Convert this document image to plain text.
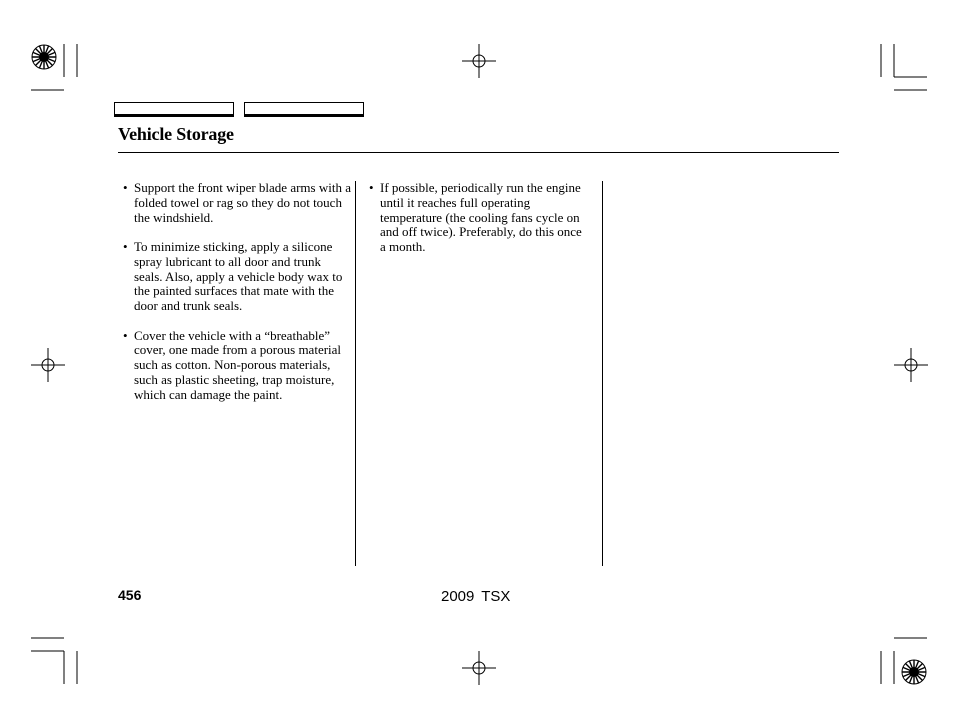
Vehicle Storage
• Support the front wiper blade arms with a folded towel or rag so they do not touch the windshield.
• To minimize sticking, apply a silicone spray lubricant to all door and trunk seals. Also, apply a vehicle body wax to the painted surfaces that mate with the door and trunk seals.
• Cover the vehicle with a “breathable” cover, one made from a porous material such as cotton. Non-porous materials, such as plastic sheeting, trap moisture, which can damage the paint.
• If possible, periodically run the engine until it reaches full operating temperature (the cooling fans cycle on and off twice). Preferably, do this once a month.
456	2009 TSX
